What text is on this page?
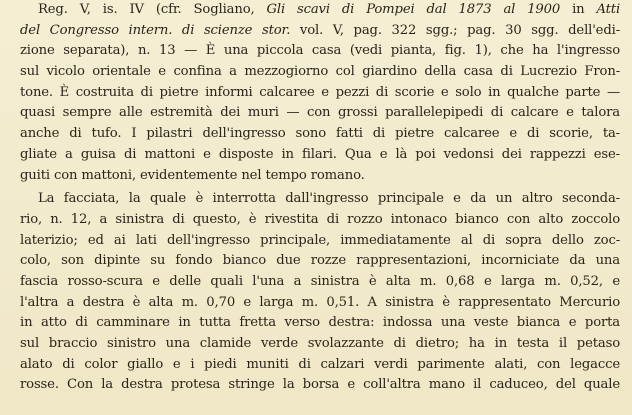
Reg. V, is. IV (cfr. Sogliano, Gli scavi di Pompei dal 1873 al 1900 in Atti
del Congresso intern. di scienze stor. vol. V, pag. 322 sgg.; pag. 30 sgg. dell'edi-
zione separata), n. 13 — È una piccola casa (vedi pianta, fig. 1), che ha l'ingresso
sul vicolo orientale e confina a mezzogiorno col giardino della casa di Lucrezio Fron-
tone. È costruita di pietre informi calcaree e pezzi di scorie e solo in qualche parte —
quasi sempre alle estremità dei muri — con grossi parallelepipedi di calcare e talora
anche di tufo. I pilastri dell'ingresso sono fatti di pietre calcaree e di scorie, ta-
gliate a guisa di mattoni e disposte in filari. Qua e là poi vedonsi dei rappezzi ese-
guiti con mattoni, evidentemente nel tempo romano.
La facciata, la quale è interrotta dall'ingresso principale e da un altro seconda-
rio, n. 12, a sinistra di questo, è rivestita di rozzo intonaco bianco con alto zoccolo
laterizio; ed ai lati dell'ingresso principale, immediatamente al di sopra dello zoc-
colo, son dipinte su fondo bianco due rozze rappresentazioni, incorniciate da una
fascia rosso-scura e delle quali l'una a sinistra è alta m. 0,68 e larga m. 0,52, e
l'altra a destra è alta m. 0,70 e larga m. 0,51. A sinistra è rappresentato Mercurio
in atto di camminare in tutta fretta verso destra: indossa una veste bianca e porta
sul braccio sinistro una clamide verde svolazzante di dietro; ha in testa il petaso
alato di color giallo e i piedi muniti di calzari verdi parimente alati, con legacce
rosse. Con la destra protesa stringe la borsa e coll'altra mano il caduceo, del quale
